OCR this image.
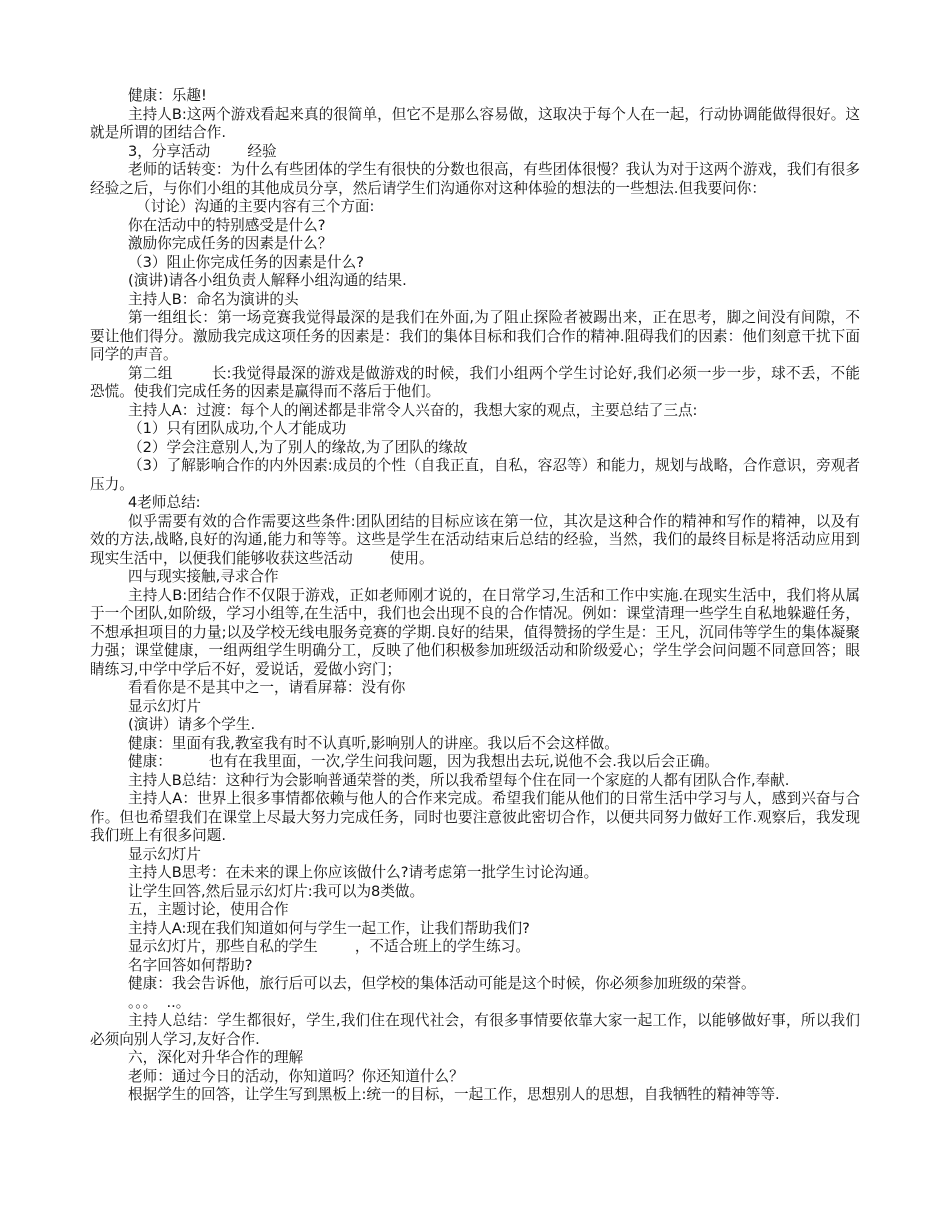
健康：乐趣!

主持人B:这两个游戏看起来真的很简单，但它不是那么容易做，这取决于每个人在一起，行动协调能做得很好。这就是所谓的团结合作.

3，分享活动        经验

老师的话转变：为什么有些团体的学生有很快的分数也很高，有些团体很慢？我认为对于这两个游戏，我们有很多经验之后，与你们小组的其他成员分享，然后请学生们沟通你对这种体验的想法的一些想法.但我要问你：

（讨论）沟通的主要内容有三个方面:

你在活动中的特别感受是什么?

激励你完成任务的因素是什么？

（3）阻止你完成任务的因素是什么?

(演讲)请各小组负责人解释小组沟通的结果.

主持人B：命名为演讲的头

第一组组长：第一场竞赛我觉得最深的是我们在外面,为了阻止探险者被踢出来，正在思考，脚之间没有间隙，不要让他们得分。激励我完成这项任务的因素是：我们的集体目标和我们合作的精神.阻碍我们的因素：他们刻意干扰下面同学的声音。

第二组        长:我觉得最深的游戏是做游戏的时候，我们小组两个学生讨论好,我们必须一步一步，球不丢，不能恐慌。使我们完成任务的因素是赢得而不落后于他们。

主持人A：过渡：每个人的阐述都是非常令人兴奋的，我想大家的观点，主要总结了三点:

（1）只有团队成功,个人才能成功

（2）学会注意别人,为了别人的缘故,为了团队的缘故

（3）了解影响合作的内外因素:成员的个性（自我正直，自私，容忍等）和能力，规划与战略，合作意识，旁观者压力。

4老师总结:

似乎需要有效的合作需要这些条件:团队团结的目标应该在第一位，其次是这种合作的精神和写作的精神，以及有效的方法,战略,良好的沟通,能力和等等。这些是学生在活动结束后总结的经验，当然，我们的最终目标是将活动应用到现实生活中，以便我们能够收获这些活动        使用。

四与现实接触,寻求合作

主持人B:团结合作不仅限于游戏，正如老师刚才说的，在日常学习,生活和工作中实施.在现实生活中，我们将从属于一个团队,如阶级，学习小组等,在生活中，我们也会出现不良的合作情况。例如：课堂清理一些学生自私地躲避任务，不想承担项目的力量;以及学校无线电服务竞赛的学期.良好的结果，值得赞扬的学生是：王凡，沉同伟等学生的集体凝聚力强；课堂健康，一组两组学生明确分工，反映了他们积极参加班级活动和阶级爱心；学生学会问问题不同意回答；眼睛练习,中学中学后不好，爱说话，爱做小窍门；

看看你是不是其中之一，请看屏幕：没有你

显示幻灯片

(演讲）请多个学生.

健康：里面有我,教室我有时不认真听,影响别人的讲座。我以后不会这样做。

健康：        也有在我里面，一次,学生问我问题，因为我想出去玩,说他不会.我以后会正确。

主持人B总结：这种行为会影响普通荣誉的类，所以我希望每个住在同一个家庭的人都有团队合作,奉献.

主持人A：世界上很多事情都依赖与他人的合作来完成。希望我们能从他们的日常生活中学习与人，感到兴奋与合作。但也希望我们在课堂上尽最大努力完成任务，同时也要注意彼此密切合作，以便共同努力做好工作.观察后，我发现我们班上有很多问题.

显示幻灯片

主持人B思考：在未来的课上你应该做什么?请考虑第一批学生讨论沟通。

让学生回答,然后显示幻灯片:我可以为8类做。

五，主题讨论，使用合作

主持人A:现在我们知道如何与学生一起工作，让我们帮助我们?

显示幻灯片，那些自私的学生        ，不适合班上的学生练习。

名字回答如何帮助?

健康：我会告诉他，旅行后可以去，但学校的集体活动可能是这个时候，你必须参加班级的荣誉。

。。。  ..。

主持人总结：学生都很好，学生,我们住在现代社会，有很多事情要依靠大家一起工作，以能够做好事，所以我们必须向别人学习,友好合作.

六，深化对升华合作的理解

老师：通过今日的活动，你知道吗？你还知道什么？

根据学生的回答，让学生写到黑板上:统一的目标，一起工作，思想别人的思想，自我牺牲的精神等等.
